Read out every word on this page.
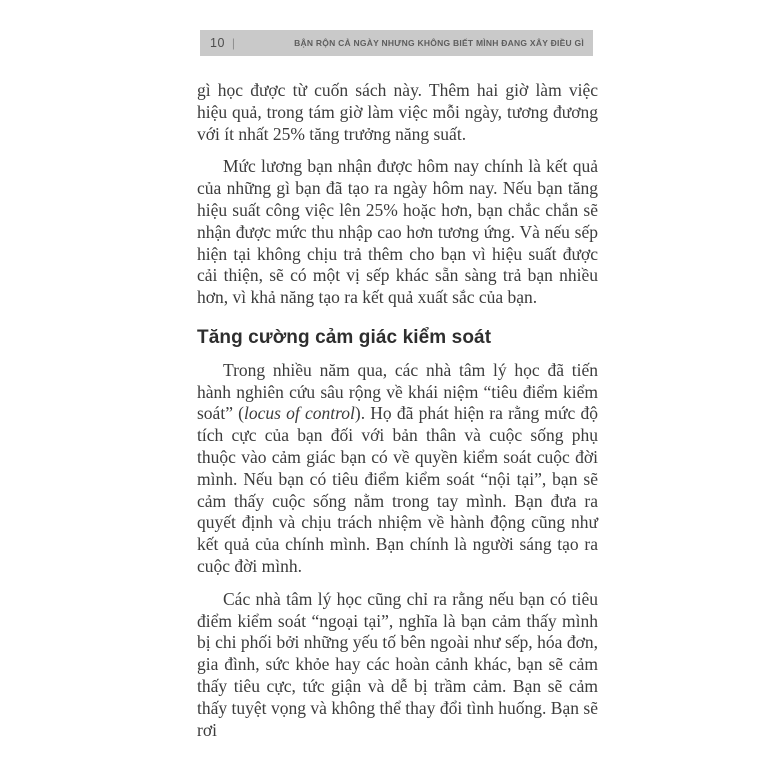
10 |	BẬN RỘN CẢ NGÀY NHƯNG KHÔNG BIẾT MÌNH ĐANG XÂY ĐIỀU GÌ

gì học được từ cuốn sách này. Thêm hai giờ làm việc hiệu quả, trong tám giờ làm việc mỗi ngày, tương đương với ít nhất 25% tăng trưởng năng suất.

Mức lương bạn nhận được hôm nay chính là kết quả của những gì bạn đã tạo ra ngày hôm nay. Nếu bạn tăng hiệu suất công việc lên 25% hoặc hơn, bạn chắc chắn sẽ nhận được mức thu nhập cao hơn tương ứng. Và nếu sếp hiện tại không chịu trả thêm cho bạn vì hiệu suất được cải thiện, sẽ có một vị sếp khác sẵn sàng trả bạn nhiều hơn, vì khả năng tạo ra kết quả xuất sắc của bạn.

Tăng cường cảm giác kiểm soát

Trong nhiều năm qua, các nhà tâm lý học đã tiến hành nghiên cứu sâu rộng về khái niệm “tiêu điểm kiểm soát” (locus of control). Họ đã phát hiện ra rằng mức độ tích cực của bạn đối với bản thân và cuộc sống phụ thuộc vào cảm giác bạn có về quyền kiểm soát cuộc đời mình. Nếu bạn có tiêu điểm kiểm soát “nội tại”, bạn sẽ cảm thấy cuộc sống nằm trong tay mình. Bạn đưa ra quyết định và chịu trách nhiệm về hành động cũng như kết quả của chính mình. Bạn chính là người sáng tạo ra cuộc đời mình.

Các nhà tâm lý học cũng chỉ ra rằng nếu bạn có tiêu điểm kiểm soát “ngoại tại”, nghĩa là bạn cảm thấy mình bị chi phối bởi những yếu tố bên ngoài như sếp, hóa đơn, gia đình, sức khỏe hay các hoàn cảnh khác, bạn sẽ cảm thấy tiêu cực, tức giận và dễ bị trầm cảm. Bạn sẽ cảm thấy tuyệt vọng và không thể thay đổi tình huống. Bạn sẽ rơi
